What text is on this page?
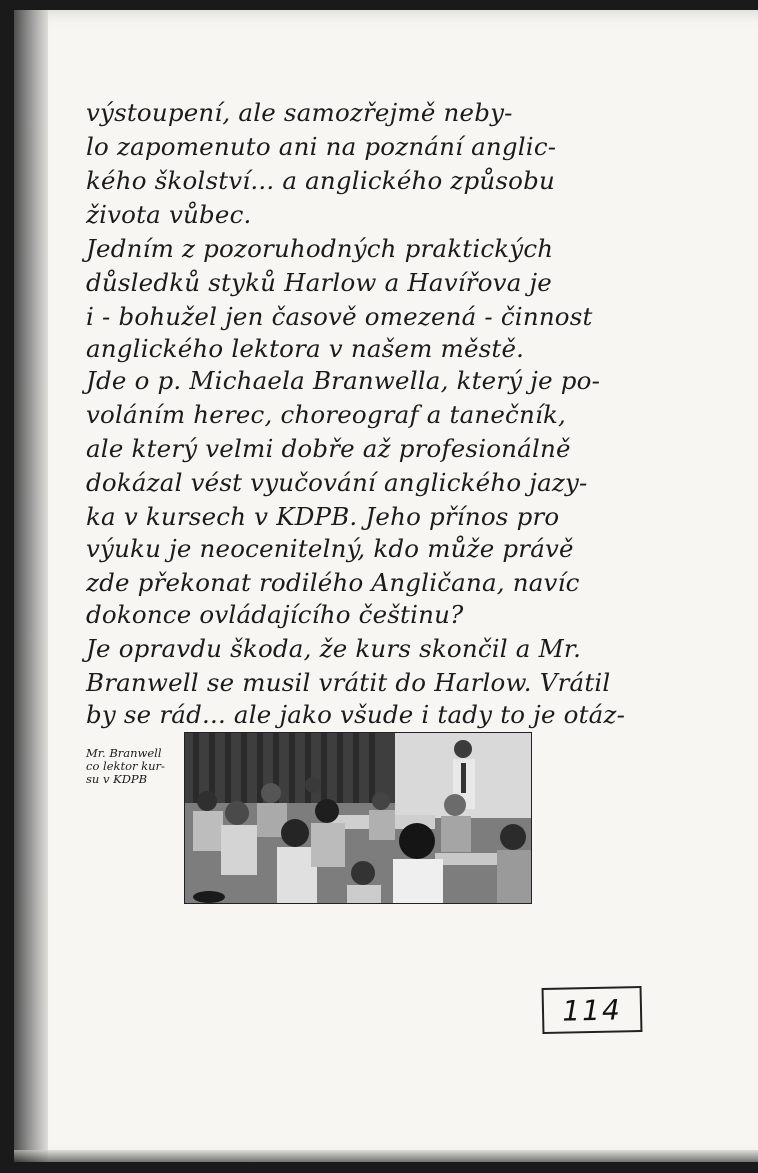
výstoupení, ale samozřejmě neby-
lo zapomenuto ani na poznání anglic-
kého školství... a anglického způsobu
života vůbec.
Jedním z pozoruhodných praktických
důsledků styků Harlow a Havířova je
i - bohužel jen časově omezená - činnost
anglického lektora v našem městě.
Jde o p. Michaela Branwella, který je po-
voláním herec, choreograf a tanečník,
ale který velmi dobře až profesionálně
dokázal vést vyučování anglického jazy-
ka v kursech v KDPB. Jeho přínos pro
výuku je neocenitelný, kdo může právě
zde překonat rodilého Angličana, navíc
dokonce ovládajícího češtinu?
Je opravdu škoda, že kurs skončil a Mr.
Branwell se musil vrátit do Harlow. Vrátil
by se rád... ale jako všude i tady to je otáz-
Mr. Branwell
co lektor kur-
su v KDPB
114
